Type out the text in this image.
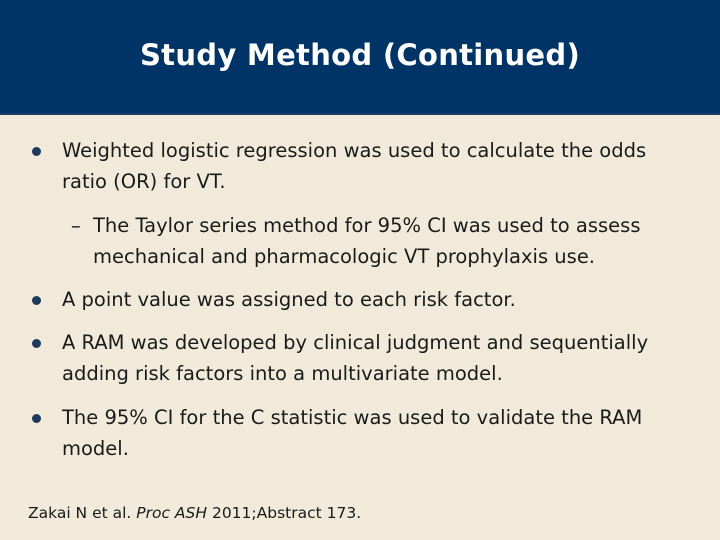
Study Method (Continued)
Weighted logistic regression was used to calculate the odds ratio (OR) for VT.
– The Taylor series method for 95% CI was used to assess mechanical and pharmacologic VT prophylaxis use.
A point value was assigned to each risk factor.
A RAM was developed by clinical judgment and sequentially adding risk factors into a multivariate model.
The 95% CI for the C statistic was used to validate the RAM model.
Zakai N et al. Proc ASH 2011;Abstract 173.
